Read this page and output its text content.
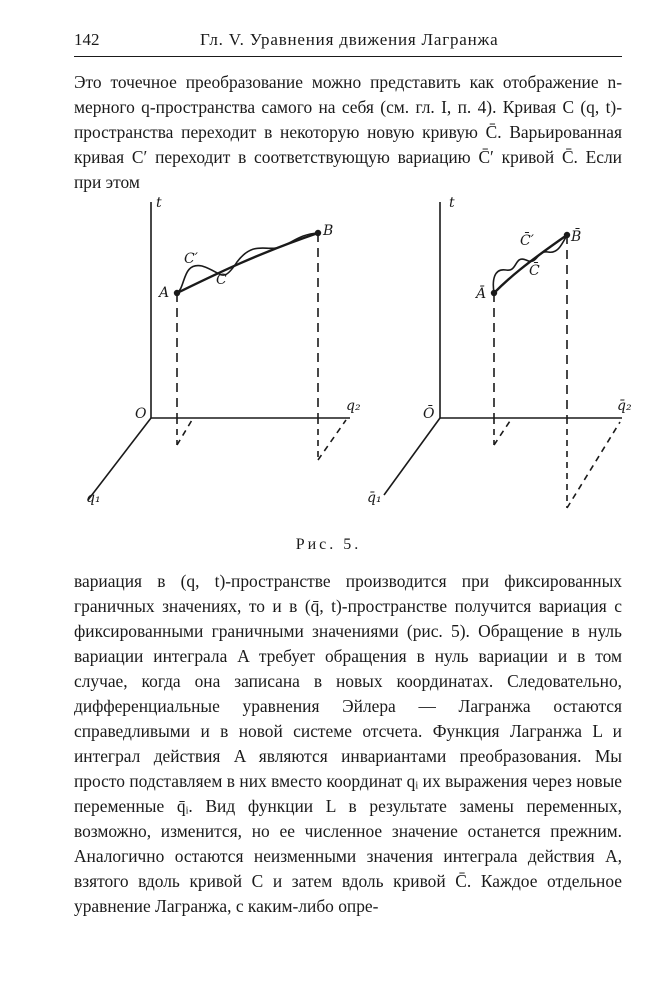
142	Гл. V. Уравнения движения Лагранжа

Это точечное преобразование можно представить как отображение n-мерного q-пространства самого на себя (см. гл. I, п. 4). Кривая C (q, t)-пространства переходит в некоторую новую кривую C̄. Варьированная кривая C′ переходит в соответствующую вариацию C̄′ кривой C̄. Если при этом

t
O	q₂
q₁
A
B
C
C′
t
Ō	q̄₂
q̄₁
Ā
B̄
C̄
C̄′
Рис. 5.

вариация в (q, t)-пространстве производится при фиксированных граничных значениях, то и в (q̄, t)-пространстве получится вариация с фиксированными граничными значениями (рис. 5). Обращение в нуль вариации интеграла A требует обращения в нуль вариации и в том случае, когда она записана в новых координатах. Следовательно, дифференциальные уравнения Эйлера — Лагранжа остаются справедливыми и в новой системе отсчета. Функция Лагранжа L и интеграл действия A являются инвариантами преобразования. Мы просто подставляем в них вместо координат qᵢ их выражения через новые переменные q̄ᵢ. Вид функции L в результате замены переменных, возможно, изменится, но ее численное значение останется прежним. Аналогично остаются неизменными значения интеграла действия A, взятого вдоль кривой C и затем вдоль кривой C̄. Каждое отдельное уравнение Лагранжа, с каким-либо опре-
